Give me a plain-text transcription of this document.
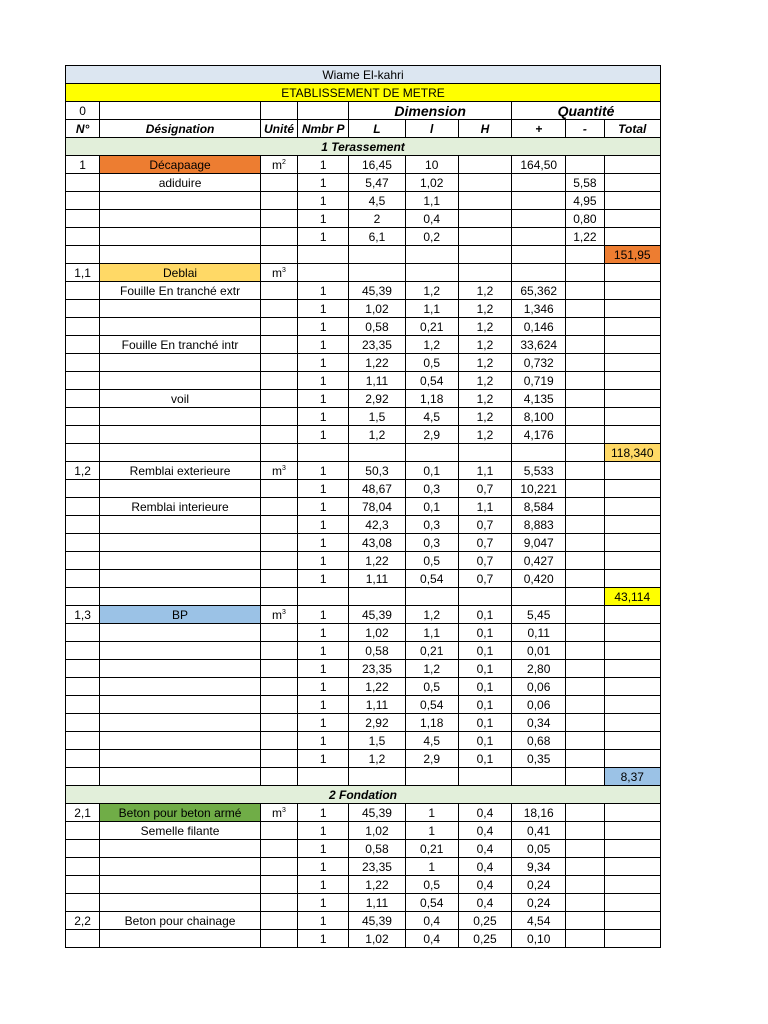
Wiame El-kahri									
ETABLISSEMENT DE METRE									
0				Dimension			Quantité		
N°	Désignation	Unité	Nmbr P	L	l	H	+	-	Total
1 Terassement									
1	Décapaage	$m^2$	1	16,45	10		164,50		
	adiduire		1	5,47	1,02			5,58	
			1	4,5	1,1			4,95	
			1	2	0,4			0,80	
			1	6,1	0,2			1,22	
									151,95
1,1	Deblai	$m^3$							
	Fouille En tranché extr		1	45,39	1,2	1,2	65,362		
			1	1,02	1,1	1,2	1,346		
			1	0,58	0,21	1,2	0,146		
	Fouille En tranché intr		1	23,35	1,2	1,2	33,624		
			1	1,22	0,5	1,2	0,732		
			1	1,11	0,54	1,2	0,719		
	voil		1	2,92	1,18	1,2	4,135		
			1	1,5	4,5	1,2	8,100		
			1	1,2	2,9	1,2	4,176		
									118,340
1,2	Remblai exterieure	$m^3$	1	50,3	0,1	1,1	5,533		
			1	48,67	0,3	0,7	10,221		
	Remblai interieure		1	78,04	0,1	1,1	8,584		
			1	42,3	0,3	0,7	8,883		
			1	43,08	0,3	0,7	9,047		
			1	1,22	0,5	0,7	0,427		
			1	1,11	0,54	0,7	0,420		
									43,114
1,3	BP	$m^3$	1	45,39	1,2	0,1	5,45		
			1	1,02	1,1	0,1	0,11		
			1	0,58	0,21	0,1	0,01		
			1	23,35	1,2	0,1	2,80		
			1	1,22	0,5	0,1	0,06		
			1	1,11	0,54	0,1	0,06		
			1	2,92	1,18	0,1	0,34		
			1	1,5	4,5	0,1	0,68		
			1	1,2	2,9	0,1	0,35		
									8,37
2 Fondation									
2,1	Beton pour beton armé	$m^3$	1	45,39	1	0,4	18,16		
	Semelle filante		1	1,02	1	0,4	0,41		
			1	0,58	0,21	0,4	0,05		
			1	23,35	1	0,4	9,34		
			1	1,22	0,5	0,4	0,24		
			1	1,11	0,54	0,4	0,24		
2,2	Beton pour chainage		1	45,39	0,4	0,25	4,54		
			1	1,02	0,4	0,25	0,10		
